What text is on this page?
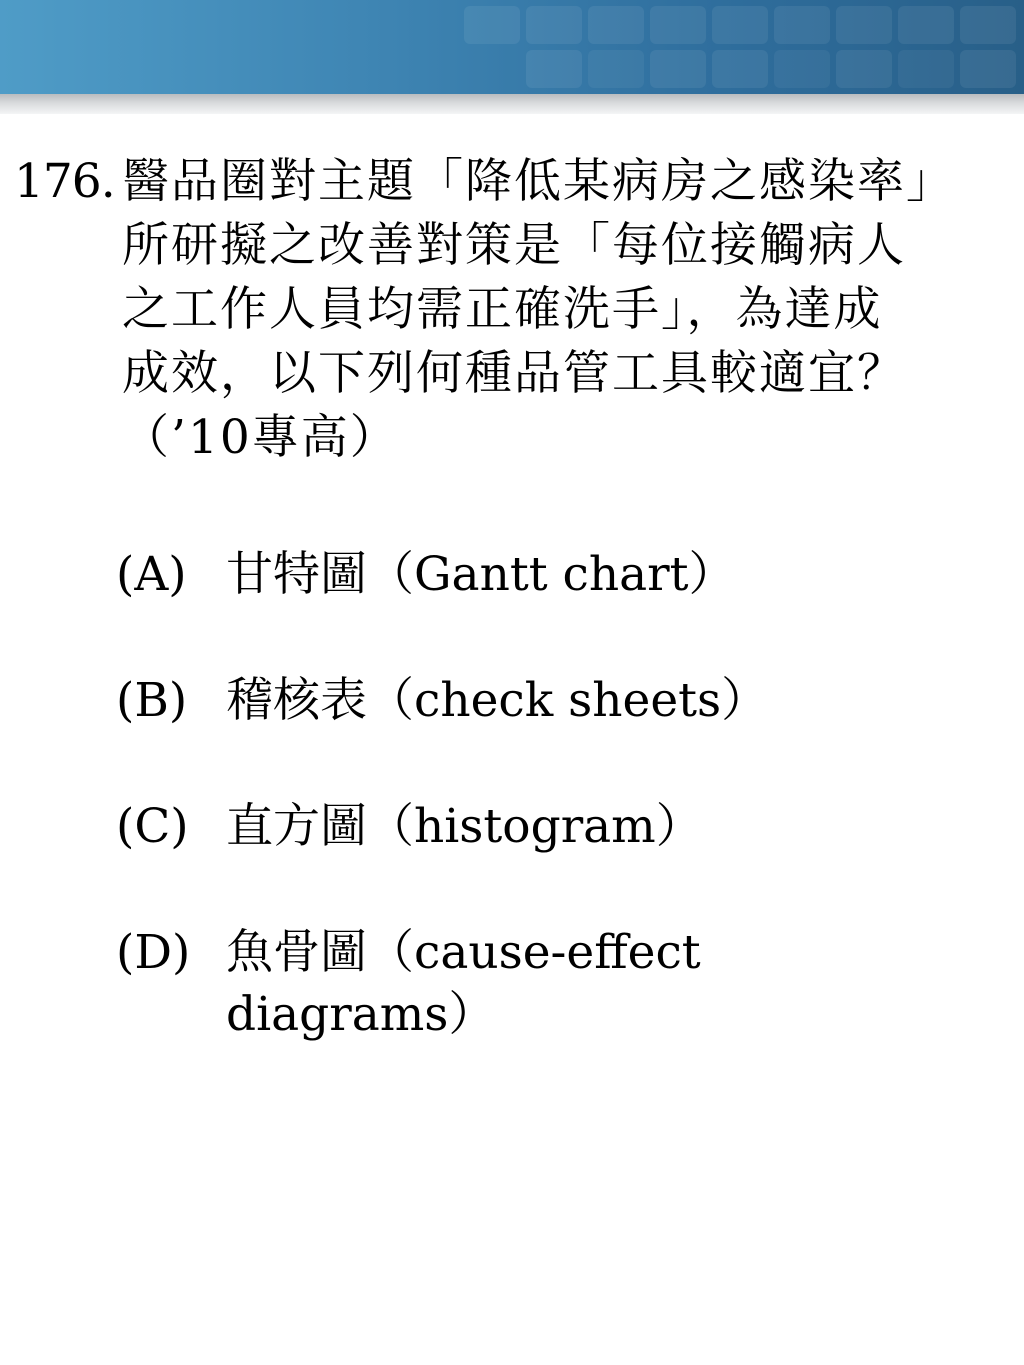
176. 醫品圈對主題「降低某病房之感染率」
所研擬之改善對策是「每位接觸病人
之工作人員均需正確洗手」，為達成
成效，以下列何種品管工具較適宜？
（’10專高）
(A) 甘特圖（Gantt chart）
(B) 稽核表（check sheets）
(C) 直方圖（histogram）
(D) 魚骨圖（cause-effect
diagrams）
